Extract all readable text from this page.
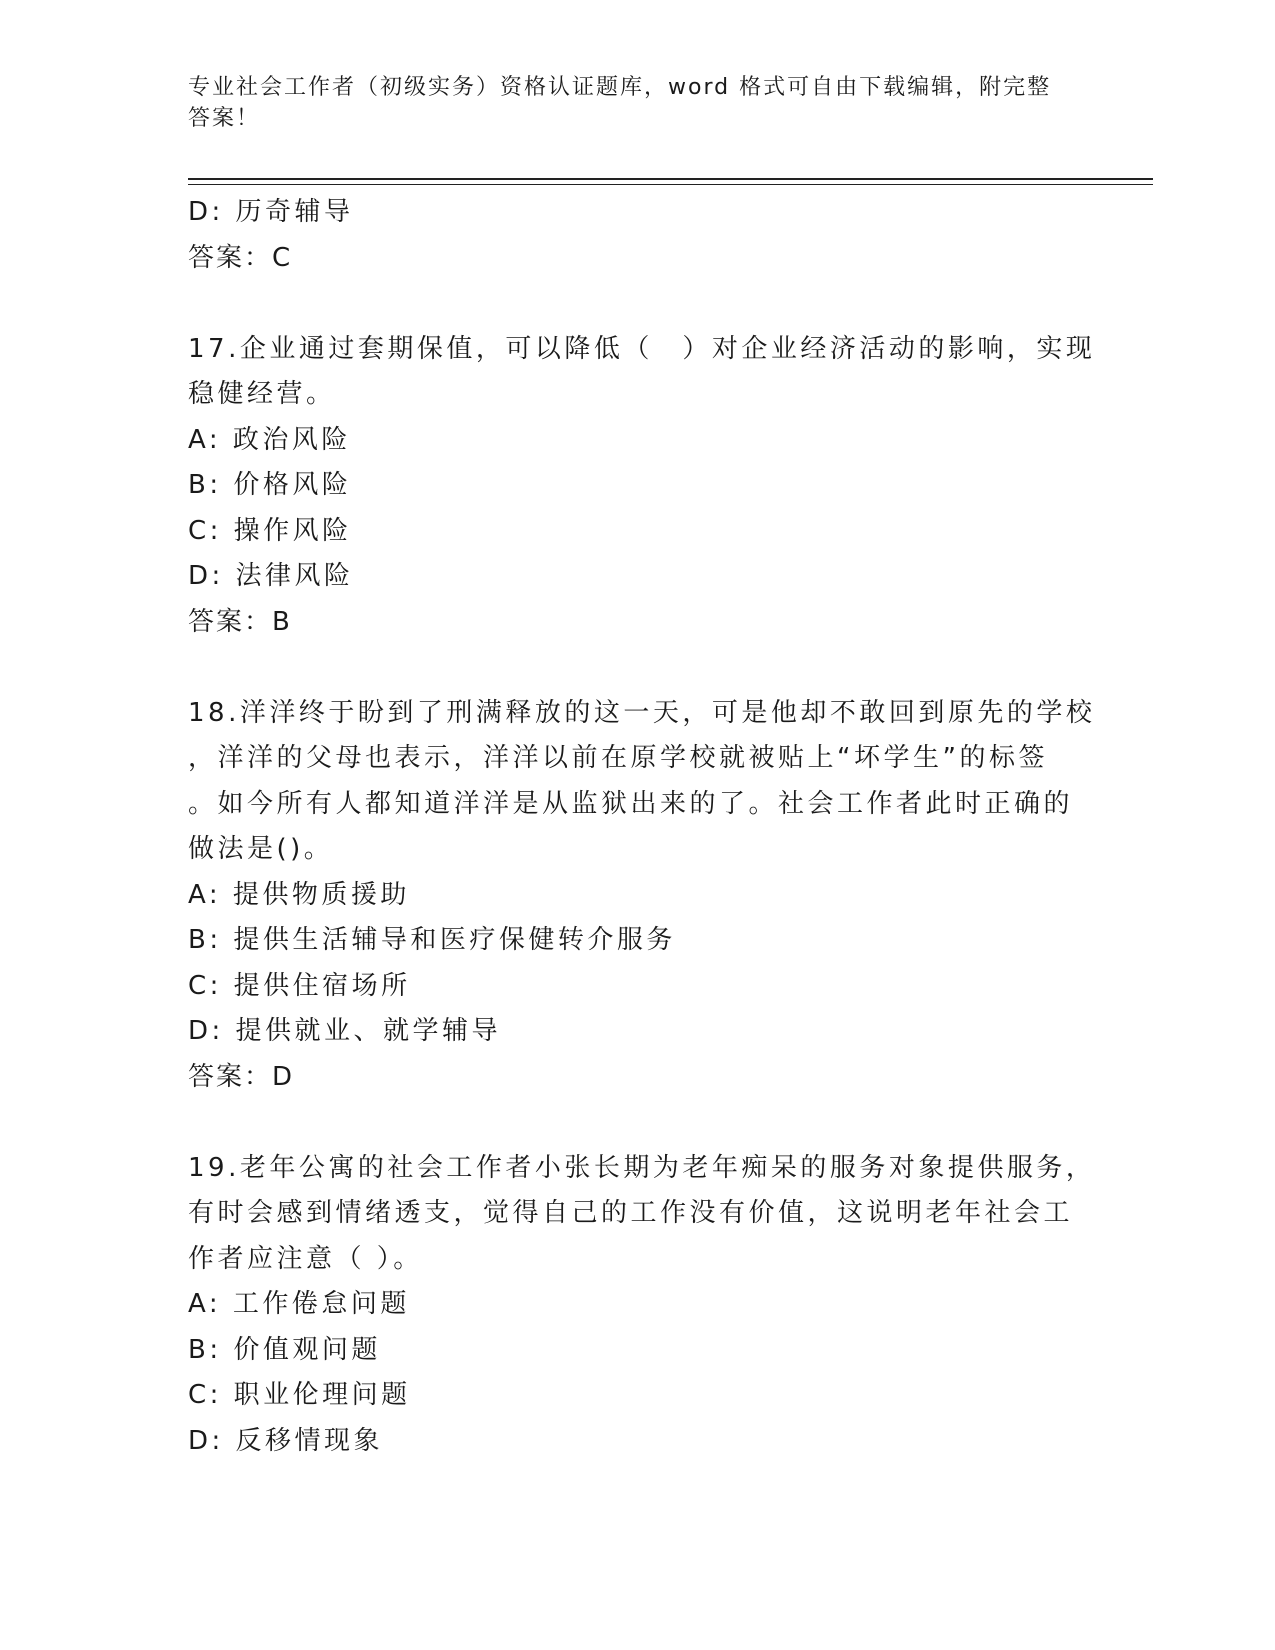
专业社会工作者（初级实务）资格认证题库，word 格式可自由下载编辑，附完整
答案！
D: 历奇辅导
答案：C
17.企业通过套期保值，可以降低（　）对企业经济活动的影响，实现
稳健经营。
A: 政治风险
B: 价格风险
C: 操作风险
D: 法律风险
答案：B
18.洋洋终于盼到了刑满释放的这一天，可是他却不敢回到原先的学校
，洋洋的父母也表示，洋洋以前在原学校就被贴上“坏学生”的标签
。如今所有人都知道洋洋是从监狱出来的了。社会工作者此时正确的
做法是()。
A: 提供物质援助
B: 提供生活辅导和医疗保健转介服务
C: 提供住宿场所
D: 提供就业、就学辅导
答案：D
19.老年公寓的社会工作者小张长期为老年痴呆的服务对象提供服务，
有时会感到情绪透支，觉得自己的工作没有价值，这说明老年社会工
作者应注意（ ）。
A: 工作倦怠问题
B: 价值观问题
C: 职业伦理问题
D: 反移情现象
